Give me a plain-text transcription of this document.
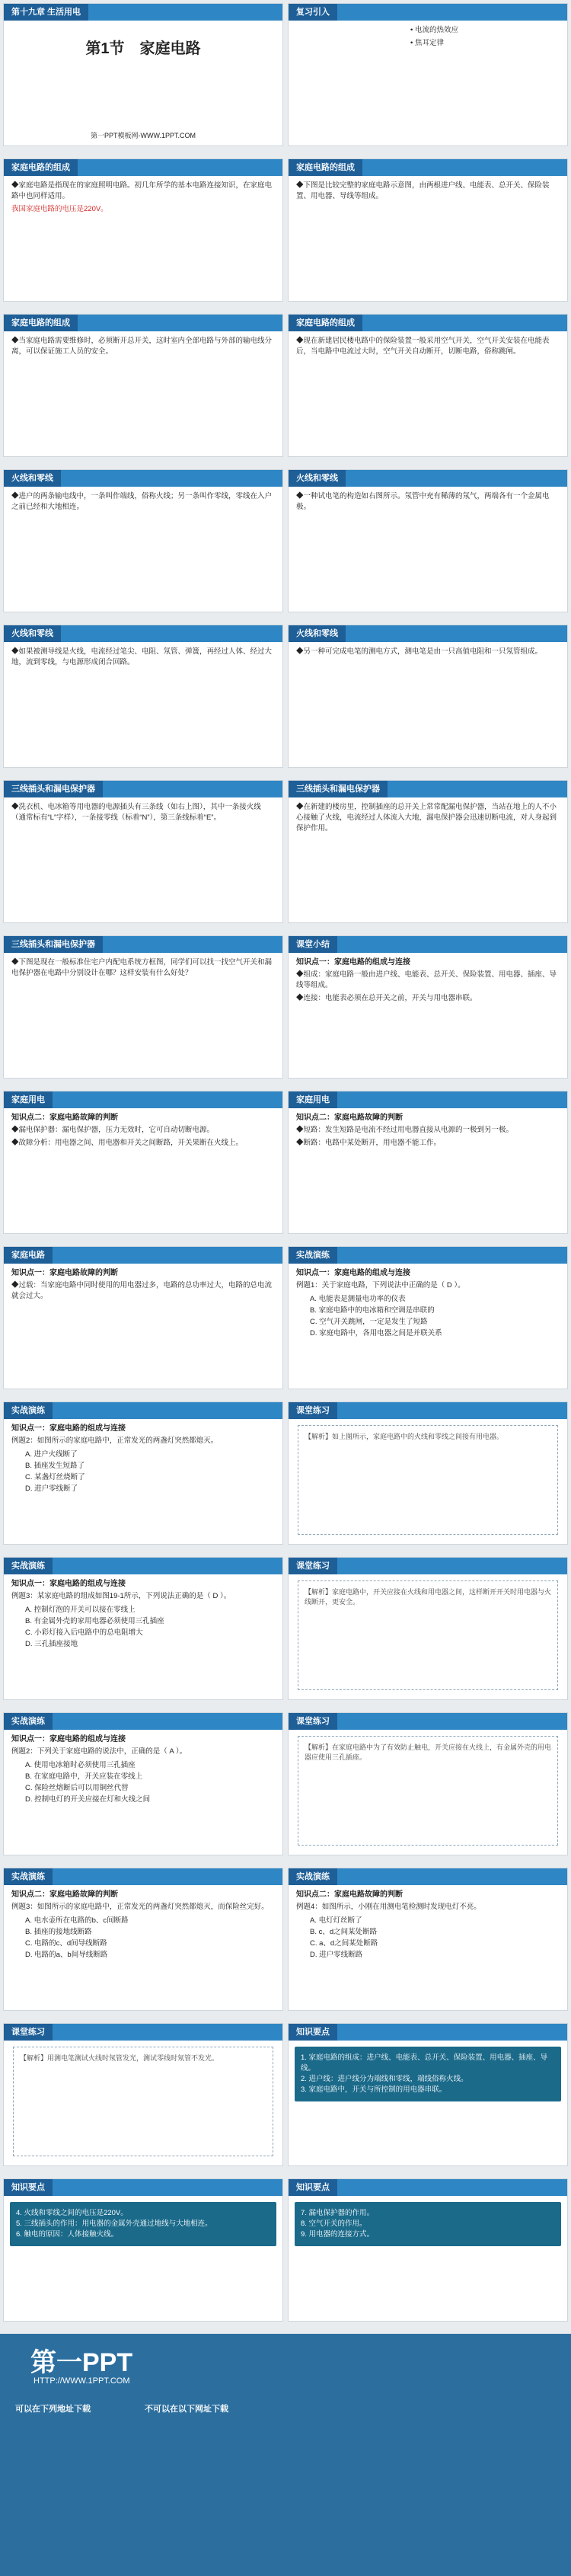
第十九章 生活用电
第1节　家庭电路
第一PPT模板网-WWW.1PPT.COM
复习引入
• 电流的热效应
• 焦耳定律
家庭电路的组成
◆家庭电路是指现在的家庭照明电路。初几年所学的基本电路连接知识，在家庭电路中也同样适用。
我国家庭电路的电压是220V。
家庭电路的组成
◆下图是比较完整的家庭电路示意图，由两根进户线、电能表、总开关、保险装置、用电器、导线等组成。
家庭电路的组成
◆当家庭电路需要维修时，必须断开总开关，这时室内全部电路与外部的输电线分离，可以保证施工人员的安全。
家庭电路的组成
◆现在新建居民楼电路中的保险装置一般采用空气开关，空气开关安装在电能表后，当电路中电流过大时，空气开关自动断开，切断电路，俗称跳闸。
火线和零线
◆进户的两条输电线中，一条叫作端线，俗称火线；另一条叫作零线，零线在入户之前已经和大地相连。
火线和零线
◆一种试电笔的构造如右图所示。氖管中充有稀薄的氖气，两端各有一个金属电极。
火线和零线
◆如果被测导线是火线，电流经过笔尖、电阻、氖管、弹簧，再经过人体、经过大地，流到零线，与电源形成闭合回路。
火线和零线
◆另一种可完成电笔的测电方式，测电笔是由一只高值电阻和一只氖管组成。
三线插头和漏电保护器
◆洗衣机、电冰箱等用电器的电源插头有三条线（如右上图），其中一条接火线（通常标有“L”字样），一条接零线（标着“N”），第三条线标着“E”。
三线插头和漏电保护器
◆在新建的楼房里，控制插座的总开关上常常配漏电保护器，当站在地上的人不小心接触了火线，电流经过人体流入大地，漏电保护器会迅速切断电流，对人身起到保护作用。
三线插头和漏电保护器
◆下图是现在一般标准住宅户内配电系统方框图，同学们可以找一找空气开关和漏电保护器在电路中分别设计在哪？这样安装有什么好处？
课堂小结
知识点一：家庭电路的组成与连接
◆组成：家庭电路一般由进户线、电能表、总开关、保险装置、用电器、插座、导线等组成。
◆连接：电能表必须在总开关之前，开关与用电器串联。
家庭用电
知识点二：家庭电路故障的判断
◆漏电保护器：漏电保护器，压力无效时，它可自动切断电源。
◆故障分析：用电器之间、用电器和开关之间断路，开关果断在火线上。
家庭用电
知识点二：家庭电路故障的判断
◆短路：发生短路是电流不经过用电器直接从电源的一极到另一极。
◆断路：电路中某处断开，用电器不能工作。
家庭电路
知识点一：家庭电路故障的判断
◆过载：当家庭电路中同时使用的用电器过多，电路的总功率过大，电路的总电流就会过大。
实战演练
知识点一：家庭电路的组成与连接
例题1：关于家庭电路，下列说法中正确的是（ D ）。
A. 电能表是测量电功率的仪表
B. 家庭电路中的电冰箱和空调是串联的
C. 空气开关跳闸，一定是发生了短路
D. 家庭电路中，各用电器之间是并联关系
实战演练
知识点一：家庭电路的组成与连接
例题2：如图所示的家庭电路中，正常发光的两盏灯突然都熄灭。
A. 进户火线断了
B. 插座发生短路了
C. 某盏灯丝烧断了
D. 进户零线断了
课堂练习
【解析】如上图所示，家庭电路中的火线和零线之间接有用电器。
实战演练
知识点一：家庭电路的组成与连接
例题3：某家庭电路的组成如图19-1所示，下列说法正确的是（ D ）。
A. 控制灯泡的开关可以接在零线上
B. 有金属外壳的家用电器必须使用三孔插座
C. 小彩灯接入后电路中的总电阻增大
D. 三孔插座接地
课堂练习
【解析】家庭电路中，开关应接在火线和用电器之间，这样断开开关时用电器与火线断开，更安全。
实战演练
知识点一：家庭电路的组成与连接
例题2：下列关于家庭电路的说法中，正确的是（ A ）。
A. 使用电冰箱时必须使用三孔插座
B. 在家庭电路中，开关应装在零线上
C. 保险丝熔断后可以用铜丝代替
D. 控制电灯的开关应接在灯和火线之间
课堂练习
【解析】在家庭电路中为了有效防止触电，开关应接在火线上，有金属外壳的用电器应使用三孔插座。
实战演练
知识点二：家庭电路故障的判断
例题3：如图所示的家庭电路中，正常发光的两盏灯突然都熄灭，而保险丝完好。
A. 电水壶所在电路的b、c间断路
B. 插座的接地线断路
C. 电路的c、d间导线断路
D. 电路的a、b间导线断路
实战演练
知识点二：家庭电路故障的判断
例题4：如图所示，小刚在用测电笔检测时发现电灯不亮。
A. 电灯灯丝断了
B. c、d之间某处断路
C. a、d之间某处断路
D. 进户零线断路
课堂练习
【解析】用测电笔测试火线时氖管发光，测试零线时氖管不发光。
知识要点
1. 家庭电路的组成：进户线、电能表、总开关、保险装置、用电器、插座、导线。
2. 进户线：进户线分为端线和零线，端线俗称火线。
3. 家庭电路中，开关与所控制的用电器串联。
知识要点
4. 火线和零线之间的电压是220V。
5. 三线插头的作用：用电器的金属外壳通过地线与大地相连。
6. 触电的原因：人体接触火线。
知识要点
7. 漏电保护器的作用。
8. 空气开关的作用。
9. 用电器的连接方式。
第一PPT
HTTP://WWW.1PPT.COM
可以在下列地址下载	不可以在以下网址下载
